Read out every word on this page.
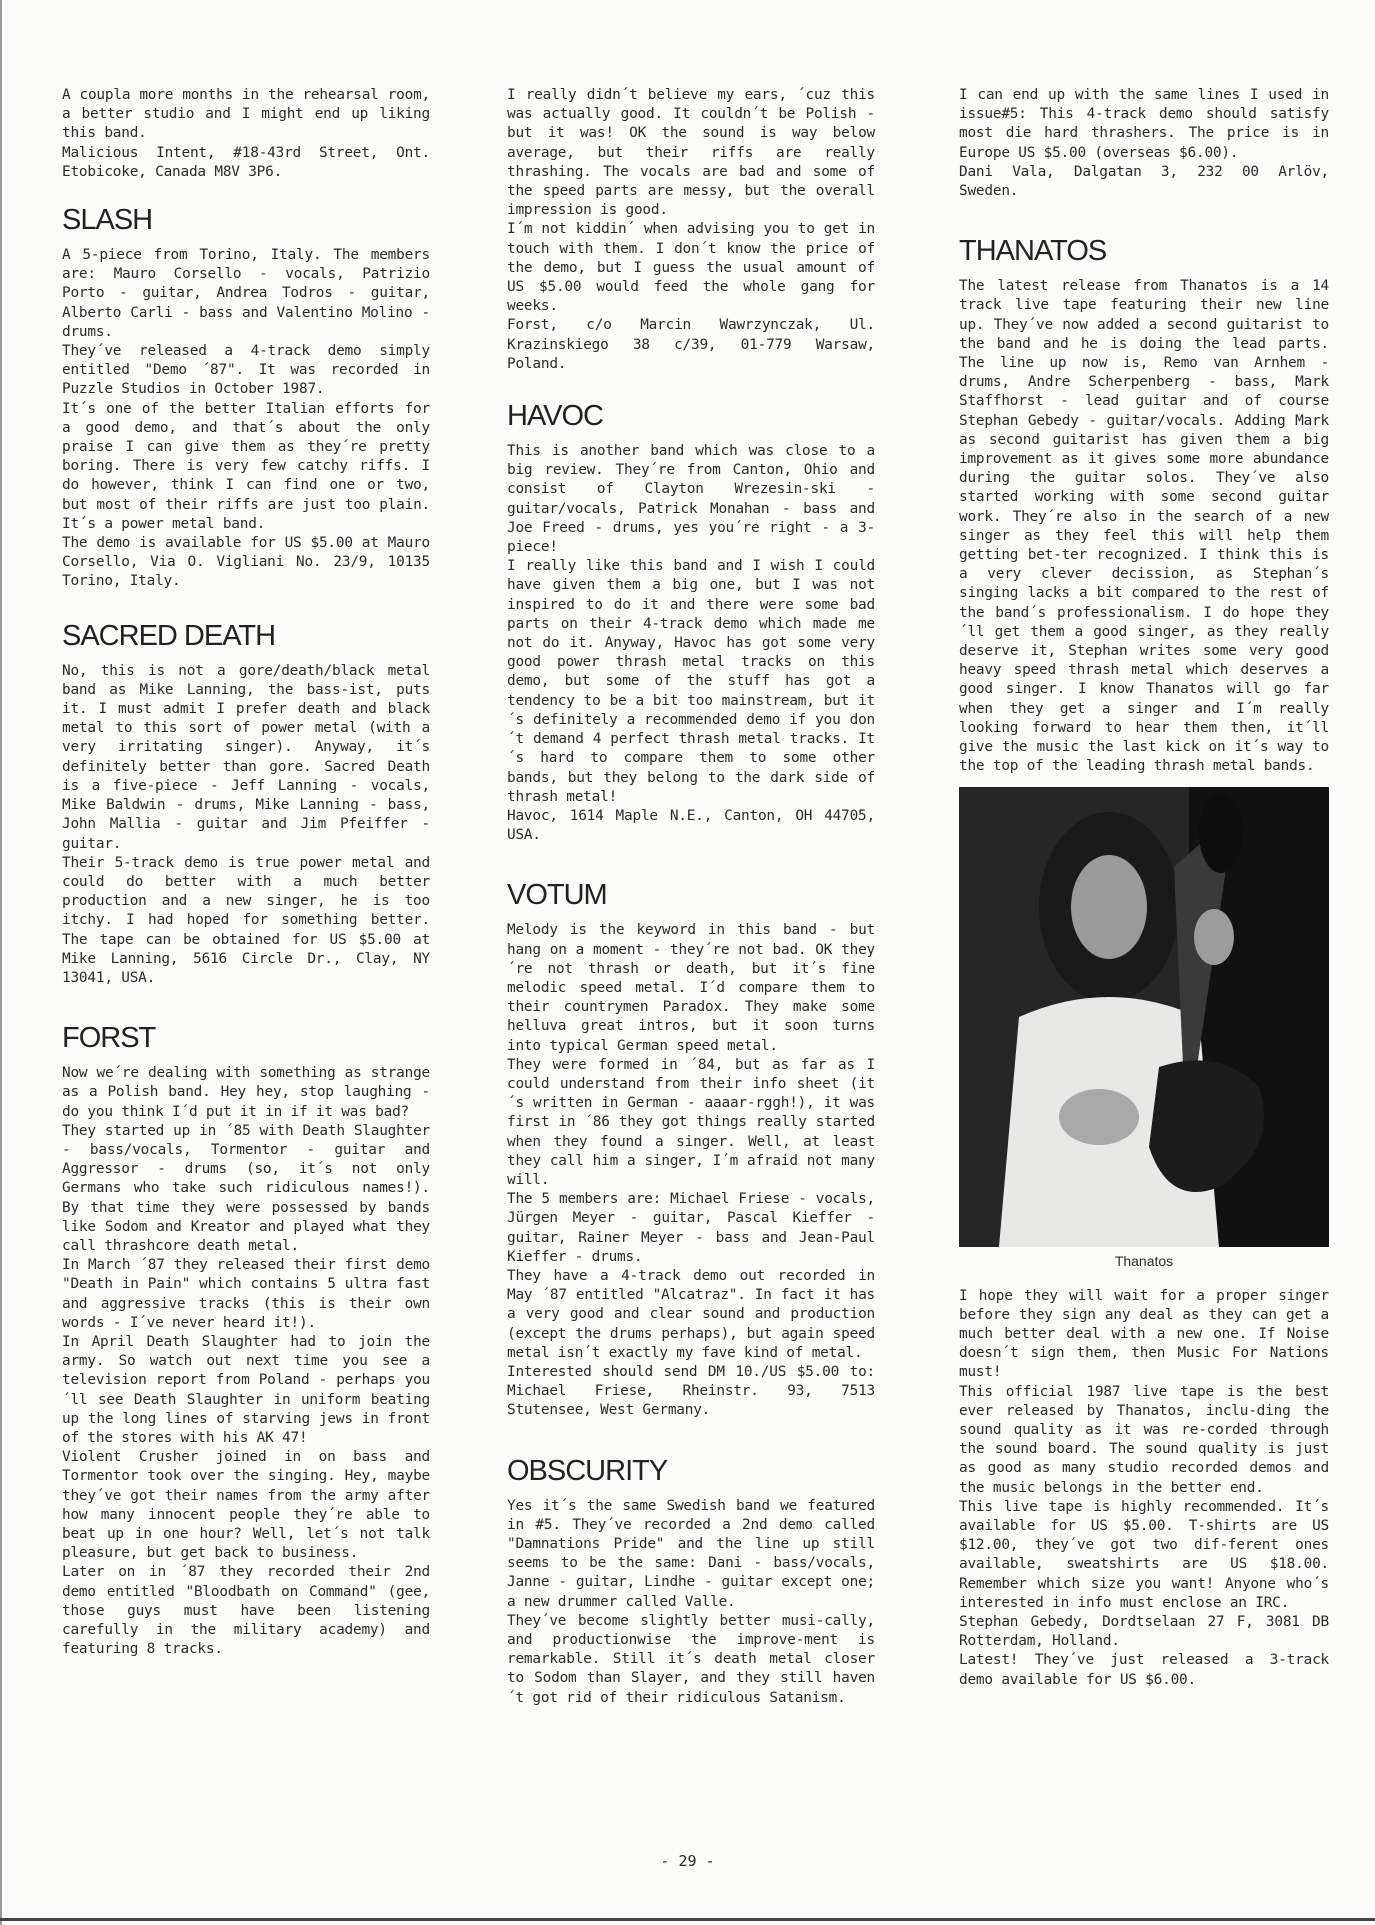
A coupla more months in the rehearsal room, a better studio and I might end up liking this band.
Malicious Intent, #18-43rd Street, Ont. Etobicoke, Canada M8V 3P6.

SLASH

A 5-piece from Torino, Italy. The members are: Mauro Corsello - vocals, Patrizio Porto - guitar, Andrea Todros - guitar, Alberto Carli - bass and Valentino Molino - drums.
They´ve released a 4-track demo simply entitled "Demo ´87". It was recorded in Puzzle Studios in October 1987.
It´s one of the better Italian efforts for a good demo, and that´s about the only praise I can give them as they´re pretty boring. There is very few catchy riffs. I do however, think I can find one or two, but most of their riffs are just too plain. It´s a power metal band.
The demo is available for US $5.00 at Mauro Corsello, Via O. Vigliani No. 23/9, 10135 Torino, Italy.

SACRED DEATH

No, this is not a gore/death/black metal band as Mike Lanning, the bass-ist, puts it. I must admit I prefer death and black metal to this sort of power metal (with a very irritating singer). Anyway, it´s definitely better than gore. Sacred Death is a five-piece - Jeff Lanning - vocals, Mike Baldwin - drums, Mike Lanning - bass, John Mallia - guitar and Jim Pfeiffer - guitar.
Their 5-track demo is true power metal and could do better with a much better production and a new singer, he is too itchy. I had hoped for something better. The tape can be obtained for US $5.00 at Mike Lanning, 5616 Circle Dr., Clay, NY 13041, USA.

FORST

Now we´re dealing with something as strange as a Polish band. Hey hey, stop laughing - do you think I´d put it in if it was bad?
They started up in ´85 with Death Slaughter - bass/vocals, Tormentor - guitar and Aggressor - drums (so, it´s not only Germans who take such ridiculous names!). By that time they were possessed by bands like Sodom and Kreator and played what they call thrashcore death metal.
In March ´87 they released their first demo "Death in Pain" which contains 5 ultra fast and aggressive tracks (this is their own words - I´ve never heard it!).
In April Death Slaughter had to join the army. So watch out next time you see a television report from Poland - perhaps you´ll see Death Slaughter in uniform beating up the long lines of starving jews in front of the stores with his AK 47!
Violent Crusher joined in on bass and Tormentor took over the singing. Hey, maybe they´ve got their names from the army after how many innocent people they´re able to beat up in one hour? Well, let´s not talk pleasure, but get back to business.
Later on in ´87 they recorded their 2nd demo entitled "Bloodbath on Command" (gee, those guys must have been listening carefully in the military academy) and featuring 8 tracks.

I really didn´t believe my ears, ´cuz this was actually good. It couldn´t be Polish - but it was! OK the sound is way below average, but their riffs are really thrashing. The vocals are bad and some of the speed parts are messy, but the overall impression is good.
I´m not kiddin´ when advising you to get in touch with them. I don´t know the price of the demo, but I guess the usual amount of US $5.00 would feed the whole gang for weeks.
Forst, c/o Marcin Wawrzynczak, Ul. Krazinskiego 38 c/39, 01-779 Warsaw, Poland.

HAVOC

This is another band which was close to a big review. They´re from Canton, Ohio and consist of Clayton Wrezesin-ski - guitar/vocals, Patrick Monahan - bass and Joe Freed - drums, yes you´re right - a 3-piece!
I really like this band and I wish I could have given them a big one, but I was not inspired to do it and there were some bad parts on their 4-track demo which made me not do it. Anyway, Havoc has got some very good power thrash metal tracks on this demo, but some of the stuff has got a tendency to be a bit too mainstream, but it´s definitely a recommended demo if you don´t demand 4 perfect thrash metal tracks. It´s hard to compare them to some other bands, but they belong to the dark side of thrash metal!
Havoc, 1614 Maple N.E., Canton, OH 44705, USA.

VOTUM

Melody is the keyword in this band - but hang on a moment - they´re not bad. OK they´re not thrash or death, but it´s fine melodic speed metal. I´d compare them to their countrymen Paradox. They make some helluva great intros, but it soon turns into typical German speed metal.
They were formed in ´84, but as far as I could understand from their info sheet (it´s written in German - aaaar-rggh!), it was first in ´86 they got things really started when they found a singer. Well, at least they call him a singer, I´m afraid not many will.
The 5 members are: Michael Friese - vocals, Jürgen Meyer - guitar, Pascal Kieffer - guitar, Rainer Meyer - bass and Jean-Paul Kieffer - drums.
They have a 4-track demo out recorded in May ´87 entitled "Alcatraz". In fact it has a very good and clear sound and production (except the drums perhaps), but again speed metal isn´t exactly my fave kind of metal.
Interested should send DM 10./US $5.00 to: Michael Friese, Rheinstr. 93, 7513 Stutensee, West Germany.

OBSCURITY

Yes it´s the same Swedish band we featured in #5. They´ve recorded a 2nd demo called "Damnations Pride" and the line up still seems to be the same: Dani - bass/vocals, Janne - guitar, Lindhe - guitar except one; a new drummer called Valle.
They´ve become slightly better musi-cally, and productionwise the improve-ment is remarkable. Still it´s death metal closer to Sodom than Slayer, and they still haven´t got rid of their ridiculous Satanism.

I can end up with the same lines I used in issue#5: This 4-track demo should satisfy most die hard thrashers. The price is in Europe US $5.00 (overseas $6.00).
Dani Vala, Dalgatan 3, 232 00 Arlöv, Sweden.

THANATOS

The latest release from Thanatos is a 14 track live tape featuring their new line up. They´ve now added a second guitarist to the band and he is doing the lead parts. The line up now is, Remo van Arnhem - drums, Andre Scherpenberg - bass, Mark Staffhorst - lead guitar and of course Stephan Gebedy - guitar/vocals. Adding Mark as second guitarist has given them a big improvement as it gives some more abundance during the guitar solos. They´ve also started working with some second guitar work. They´re also in the search of a new singer as they feel this will help them getting bet-ter recognized. I think this is a very clever decission, as Stephan´s singing lacks a bit compared to the rest of the band´s professionalism. I do hope they´ll get them a good singer, as they really deserve it, Stephan writes some very good heavy speed thrash metal which deserves a good singer. I know Thanatos will go far when they get a singer and I´m really looking forward to hear them then, it´ll give the music the last kick on it´s way to the top of the leading thrash metal bands.

Thanatos

I hope they will wait for a proper singer before they sign any deal as they can get a much better deal with a new one. If Noise doesn´t sign them, then Music For Nations must!
This official 1987 live tape is the best ever released by Thanatos, inclu-ding the sound quality as it was re-corded through the sound board. The sound quality is just as good as many studio recorded demos and the music belongs in the better end.
This live tape is highly recommended. It´s available for US $5.00. T-shirts are US $12.00, they´ve got two dif-ferent ones available, sweatshirts are US $18.00. Remember which size you want! Anyone who´s interested in info must enclose an IRC.
Stephan Gebedy, Dordtselaan 27 F, 3081 DB Rotterdam, Holland.
Latest! They´ve just released a 3-track demo available for US $6.00.

- 29 -
